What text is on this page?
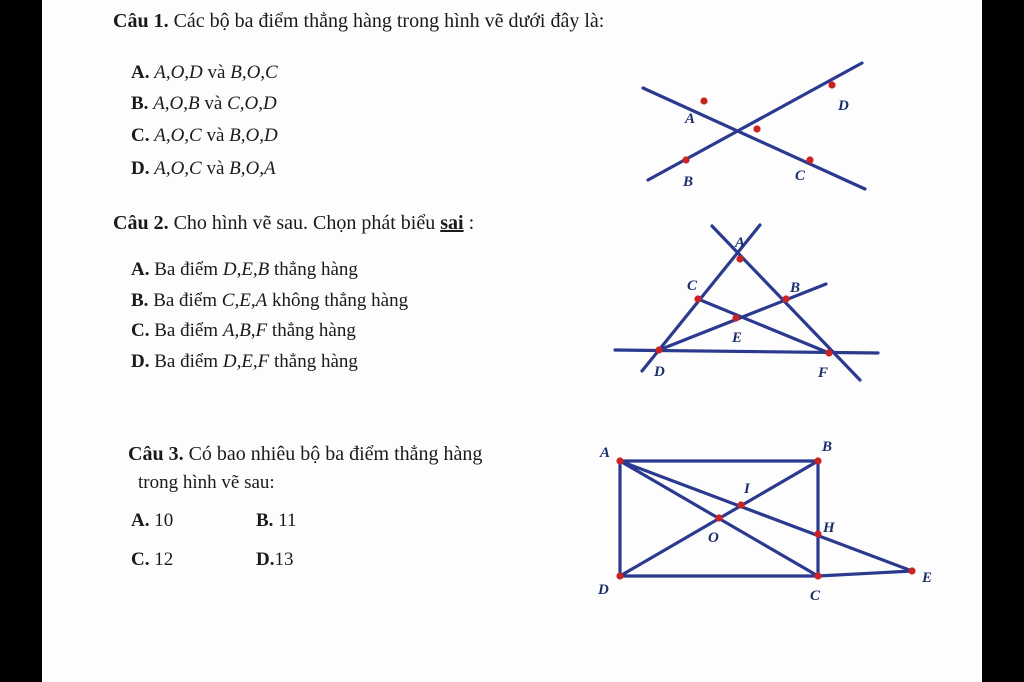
Câu 1. Các bộ ba điểm thẳng hàng trong hình vẽ dưới đây là:
A. A,O,D và B,O,C
B. A,O,B và C,O,D
C. A,O,C và B,O,D
D. A,O,C và B,O,A
A
D
B	C
Câu 2. Cho hình vẽ sau. Chọn phát biểu sai :
A. Ba điểm D,E,B thẳng hàng
B. Ba điểm C,E,A không thẳng hàng
C. Ba điểm A,B,F thẳng hàng
D. Ba điểm D,E,F thẳng hàng
A
C	B
E
D	F
Câu 3. Có bao nhiêu bộ ba điểm thẳng hàng
trong hình vẽ sau:
A. 10	B. 11
C. 12	D.13
A	B
I
O
H
D	C
E
